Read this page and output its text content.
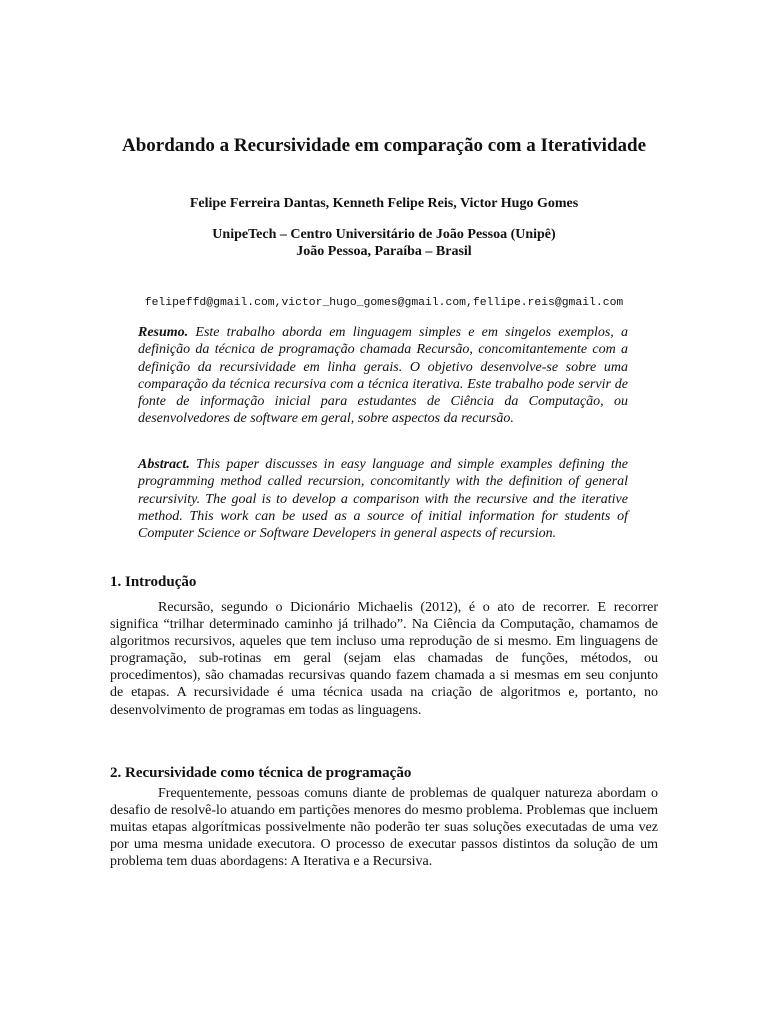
Abordando a Recursividade em comparação com a Iteratividade
Felipe Ferreira Dantas, Kenneth Felipe Reis, Victor Hugo Gomes
UnipeTech – Centro Universitário de João Pessoa (Unipê)
João Pessoa, Paraíba – Brasil
felipeffd@gmail.com,victor_hugo_gomes@gmail.com,fellipe.reis@gmail.com

Resumo. Este trabalho aborda em linguagem simples e em singelos exemplos, a definição da técnica de programação chamada Recursão, concomitantemente com a definição da recursividade em linha gerais. O objetivo desenvolve-se sobre uma comparação da técnica recursiva com a técnica iterativa. Este trabalho pode servir de fonte de informação inicial para estudantes de Ciência da Computação, ou desenvolvedores de software em geral, sobre aspectos da recursão.

Abstract. This paper discusses in easy language and simple examples defining the programming method called recursion, concomitantly with the definition of general recursivity. The goal is to develop a comparison with the recursive and the iterative method. This work can be used as a source of initial information for students of Computer Science or Software Developers in general aspects of recursion.

1. Introdução

Recursão, segundo o Dicionário Michaelis (2012), é o ato de recorrer. E recorrer significa “trilhar determinado caminho já trilhado”. Na Ciência da Computação, chamamos de algoritmos recursivos, aqueles que tem incluso uma reprodução de si mesmo. Em linguagens de programação, sub-rotinas em geral (sejam elas chamadas de funções, métodos, ou procedimentos), são chamadas recursivas quando fazem chamada a si mesmas em seu conjunto de etapas. A recursividade é uma técnica usada na criação de algoritmos e, portanto, no desenvolvimento de programas em todas as linguagens.

2. Recursividade como técnica de programação

Frequentemente, pessoas comuns diante de problemas de qualquer natureza abordam o desafio de resolvê-lo atuando em partições menores do mesmo problema. Problemas que incluem muitas etapas algorítmicas possivelmente não poderão ter suas soluções executadas de uma vez por uma mesma unidade executora. O processo de executar passos distintos da solução de um problema tem duas abordagens: A Iterativa e a Recursiva.
